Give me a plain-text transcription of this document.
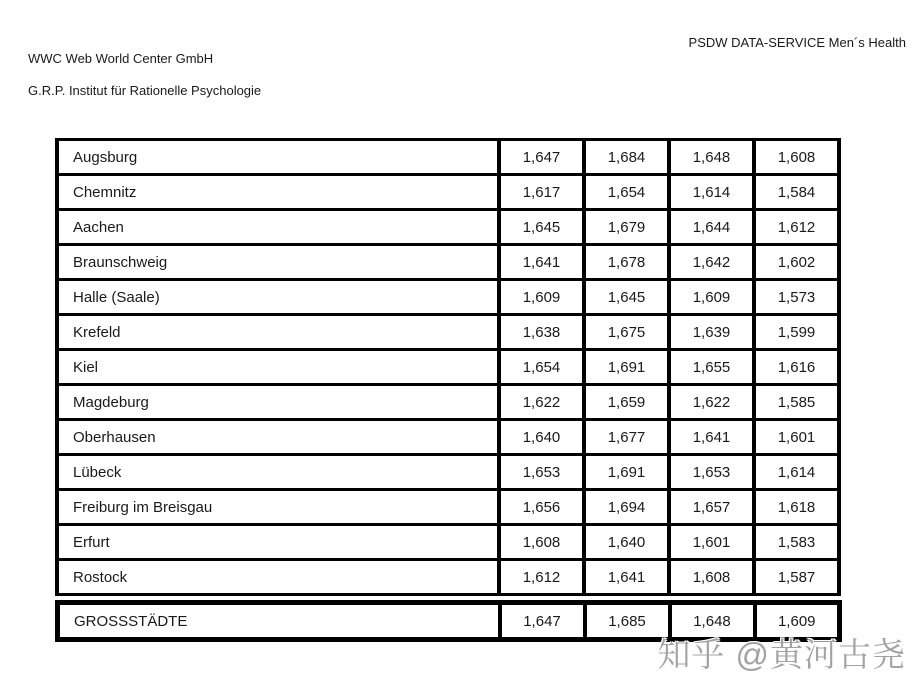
WWC Web World Center GmbH

G.R.P. Institut für Rationelle Psychologie

PSDW DATA-SERVICE Men´s Health
Augsburg	1,647	1,684	1,648	1,608
Chemnitz	1,617	1,654	1,614	1,584
Aachen	1,645	1,679	1,644	1,612
Braunschweig	1,641	1,678	1,642	1,602
Halle (Saale)	1,609	1,645	1,609	1,573
Krefeld	1,638	1,675	1,639	1,599
Kiel	1,654	1,691	1,655	1,616
Magdeburg	1,622	1,659	1,622	1,585
Oberhausen	1,640	1,677	1,641	1,601
Lübeck	1,653	1,691	1,653	1,614
Freiburg im Breisgau	1,656	1,694	1,657	1,618
Erfurt	1,608	1,640	1,601	1,583
Rostock	1,612	1,641	1,608	1,587
GROSSSTÄDTE	1,647	1,685	1,648	1,609
知乎 @黄河古尧
